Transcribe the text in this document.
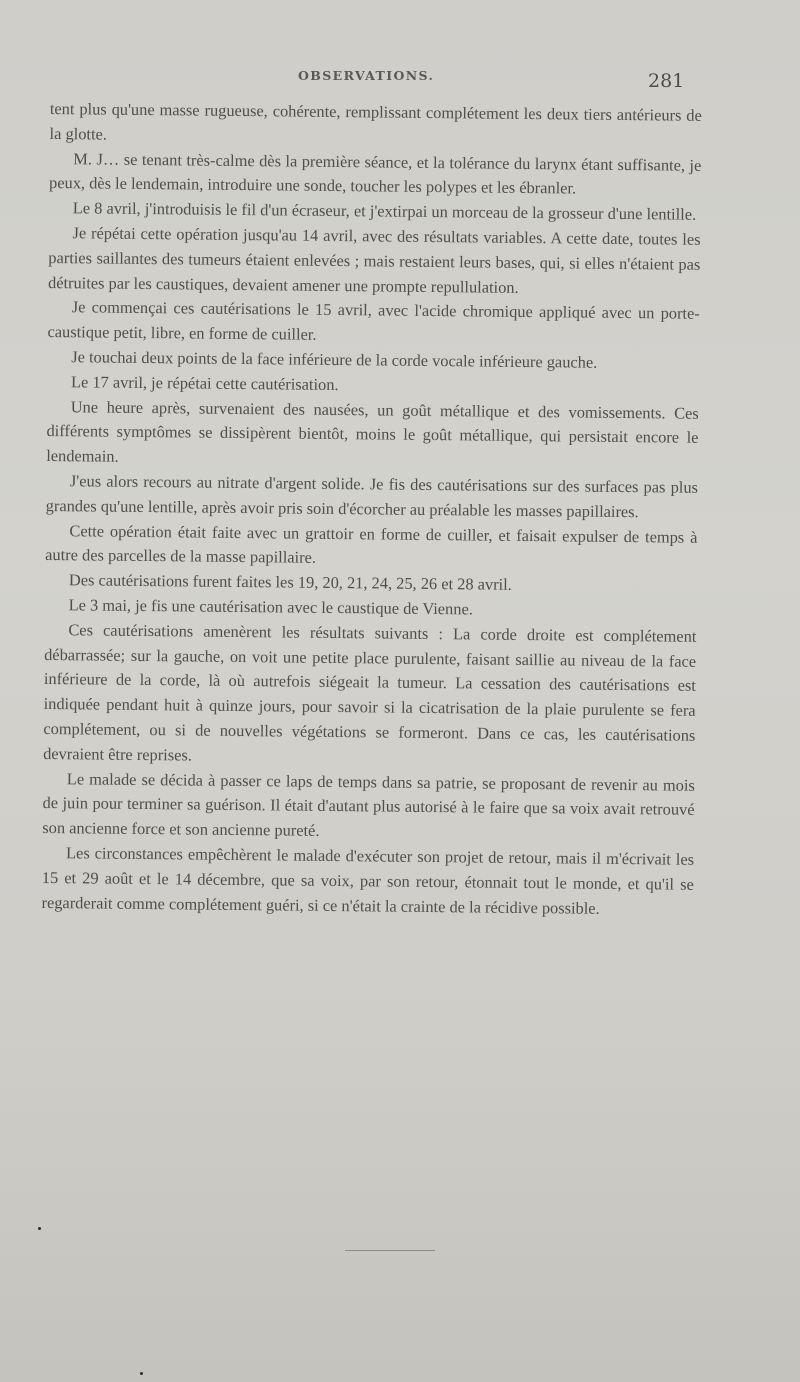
OBSERVATIONS.	281

tent plus qu'une masse rugueuse, cohérente, remplissant complétement les deux tiers antérieurs de la glotte.

M. J… se tenant très-calme dès la première séance, et la tolérance du larynx étant suffisante, je peux, dès le lendemain, introduire une sonde, toucher les polypes et les ébranler.

Le 8 avril, j'introduisis le fil d'un écraseur, et j'extirpai un morceau de la grosseur d'une lentille.

Je répétai cette opération jusqu'au 14 avril, avec des résultats variables. A cette date, toutes les parties saillantes des tumeurs étaient enlevées ; mais restaient leurs bases, qui, si elles n'étaient pas détruites par les caustiques, devaient amener une prompte repullulation.

Je commençai ces cautérisations le 15 avril, avec l'acide chromique appliqué avec un porte-caustique petit, libre, en forme de cuiller.

Je touchai deux points de la face inférieure de la corde vocale inférieure gauche.

Le 17 avril, je répétai cette cautérisation.

Une heure après, survenaient des nausées, un goût métallique et des vomissements. Ces différents symptômes se dissipèrent bientôt, moins le goût métallique, qui persistait encore le lendemain.

J'eus alors recours au nitrate d'argent solide. Je fis des cautérisations sur des surfaces pas plus grandes qu'une lentille, après avoir pris soin d'écorcher au préalable les masses papillaires.

Cette opération était faite avec un grattoir en forme de cuiller, et faisait expulser de temps à autre des parcelles de la masse papillaire.

Des cautérisations furent faites les 19, 20, 21, 24, 25, 26 et 28 avril.

Le 3 mai, je fis une cautérisation avec le caustique de Vienne.

Ces cautérisations amenèrent les résultats suivants : La corde droite est complétement débarrassée; sur la gauche, on voit une petite place purulente, faisant saillie au niveau de la face inférieure de la corde, là où autrefois siégeait la tumeur. La cessation des cautérisations est indiquée pendant huit à quinze jours, pour savoir si la cicatrisation de la plaie purulente se fera complétement, ou si de nouvelles végétations se formeront. Dans ce cas, les cautérisations devraient être reprises.

Le malade se décida à passer ce laps de temps dans sa patrie, se proposant de revenir au mois de juin pour terminer sa guérison. Il était d'autant plus autorisé à le faire que sa voix avait retrouvé son ancienne force et son ancienne pureté.

Les circonstances empêchèrent le malade d'exécuter son projet de retour, mais il m'écrivait les 15 et 29 août et le 14 décembre, que sa voix, par son retour, étonnait tout le monde, et qu'il se regarderait comme complétement guéri, si ce n'était la crainte de la récidive possible.
